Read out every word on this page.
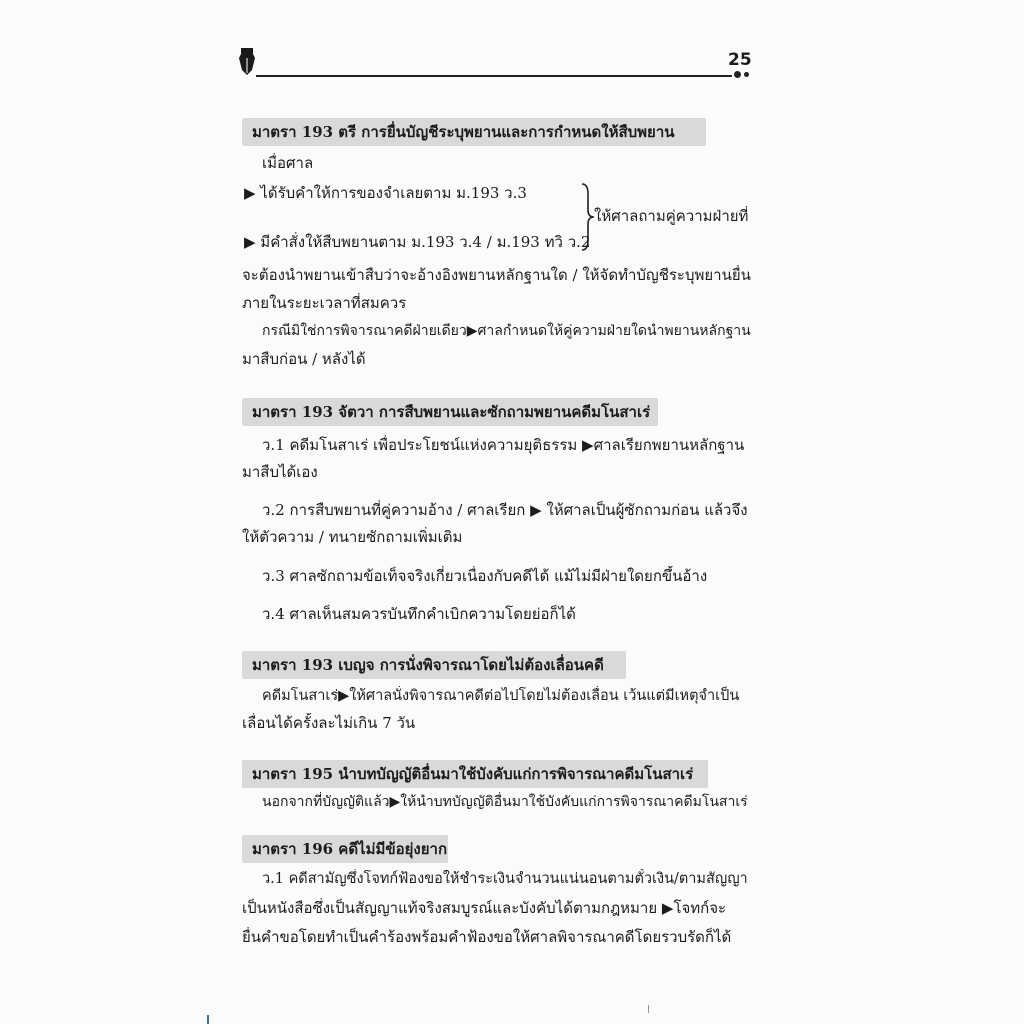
25
มาตรา 193 ตรี การยื่นบัญชีระบุพยานและการกำหนดให้สืบพยาน
เมื่อศาล
▶ ได้รับคำให้การของจำเลยตาม ม.193 ว.3
ให้ศาลถามคู่ความฝ่ายที่
▶ มีคำสั่งให้สืบพยานตาม ม.193 ว.4 / ม.193 ทวิ ว.2
จะต้องนำพยานเข้าสืบว่าจะอ้างอิงพยานหลักฐานใด / ให้จัดทำบัญชีระบุพยานยื่น
ภายในระยะเวลาที่สมควร
กรณีมิใช่การพิจารณาคดีฝ่ายเดียว▶ศาลกำหนดให้คู่ความฝ่ายใดนำพยานหลักฐาน
มาสืบก่อน / หลังได้
มาตรา 193 จัตวา การสืบพยานและซักถามพยานคดีมโนสาเร่
ว.1 คดีมโนสาเร่ เพื่อประโยชน์แห่งความยุติธรรม ▶ศาลเรียกพยานหลักฐาน
มาสืบได้เอง
ว.2 การสืบพยานที่คู่ความอ้าง / ศาลเรียก ▶ ให้ศาลเป็นผู้ซักถามก่อน แล้วจึง
ให้ตัวความ / ทนายซักถามเพิ่มเติม
ว.3 ศาลซักถามข้อเท็จจริงเกี่ยวเนื่องกับคดีได้ แม้ไม่มีฝ่ายใดยกขึ้นอ้าง
ว.4 ศาลเห็นสมควรบันทึกคำเบิกความโดยย่อก็ได้
มาตรา 193 เบญจ การนั่งพิจารณาโดยไม่ต้องเลื่อนคดี
คดีมโนสาเร่▶ให้ศาลนั่งพิจารณาคดีต่อไปโดยไม่ต้องเลื่อน เว้นแต่มีเหตุจำเป็น
เลื่อนได้ครั้งละไม่เกิน 7 วัน
มาตรา 195 นำบทบัญญัติอื่นมาใช้บังคับแก่การพิจารณาคดีมโนสาเร่
นอกจากที่บัญญัติแล้ว▶ให้นำบทบัญญัติอื่นมาใช้บังคับแก่การพิจารณาคดีมโนสาเร่
มาตรา 196 คดีไม่มีข้อยุ่งยาก
ว.1 คดีสามัญซึ่งโจทก์ฟ้องขอให้ชำระเงินจำนวนแน่นอนตามตั๋วเงิน/ตามสัญญา
เป็นหนังสือซึ่งเป็นสัญญาแท้จริงสมบูรณ์และบังคับได้ตามกฎหมาย ▶โจทก์จะ
ยื่นคำขอโดยทำเป็นคำร้องพร้อมคำฟ้องขอให้ศาลพิจารณาคดีโดยรวบรัดก็ได้
